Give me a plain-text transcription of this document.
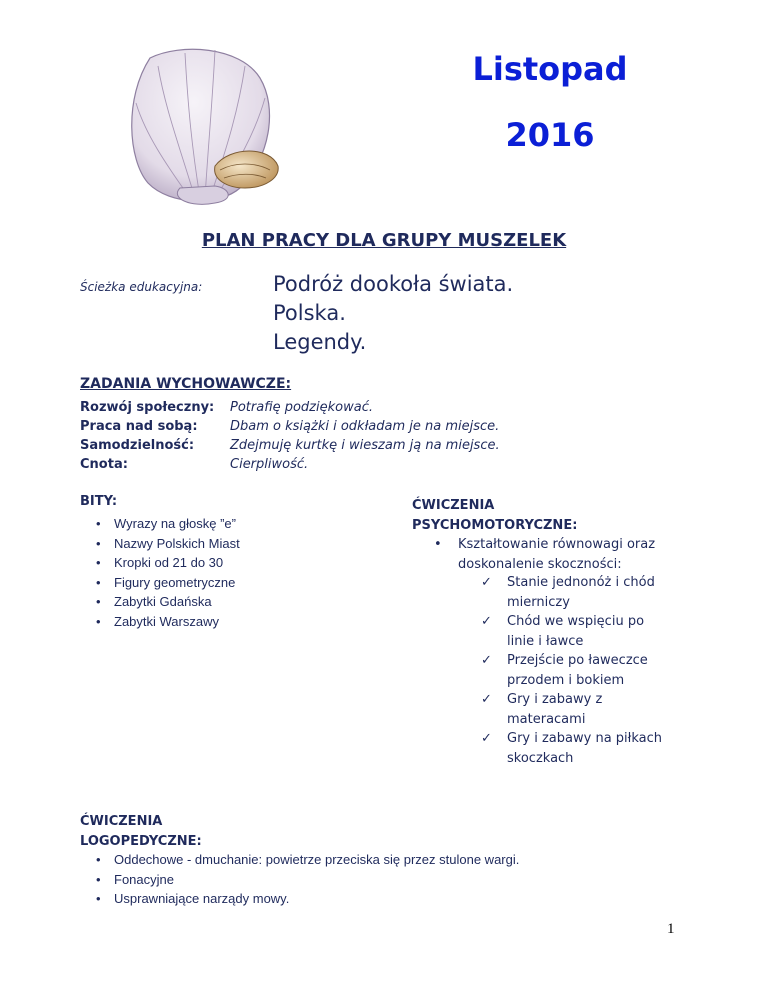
Listopad
2016
PLAN PRACY DLA GRUPY MUSZELEK
Ścieżka edukacyjna:	Podróż dookoła świata.
Polska.
Legendy.
ZADANIA WYCHOWAWCZE:
Rozwój społeczny: Potrafię podziękować.
Praca nad sobą: Dbam o książki i odkładam je na miejsce.
Samodzielność:	Zdejmuję kurtkę i wieszam ją na miejsce.
Cnota:	Cierpliwość.
BITY:
• Wyrazy na głoskę ”e”
• Nazwy Polskich Miast
• Kropki od 21 do 30
• Figury geometryczne
• Zabytki Gdańska
• Zabytki Warszawy
ĆWICZENIA
PSYCHOMOTORYCZNE:
•	Kształtowanie równowagi oraz
doskonalenie skoczności:
✓ Stanie jednonóż i chód
mierniczy
✓ Chód we wspięciu po
linie i ławce
✓ Przejście po ławeczce
przodem i bokiem
✓ Gry i zabawy z
materacami
✓ Gry i zabawy na piłkach
skoczkach
ĆWICZENIA
LOGOPEDYCZNE:
• Oddechowe - dmuchanie: powietrze przeciska się przez stulone wargi.
• Fonacyjne
• Usprawniające narządy mowy.
1
